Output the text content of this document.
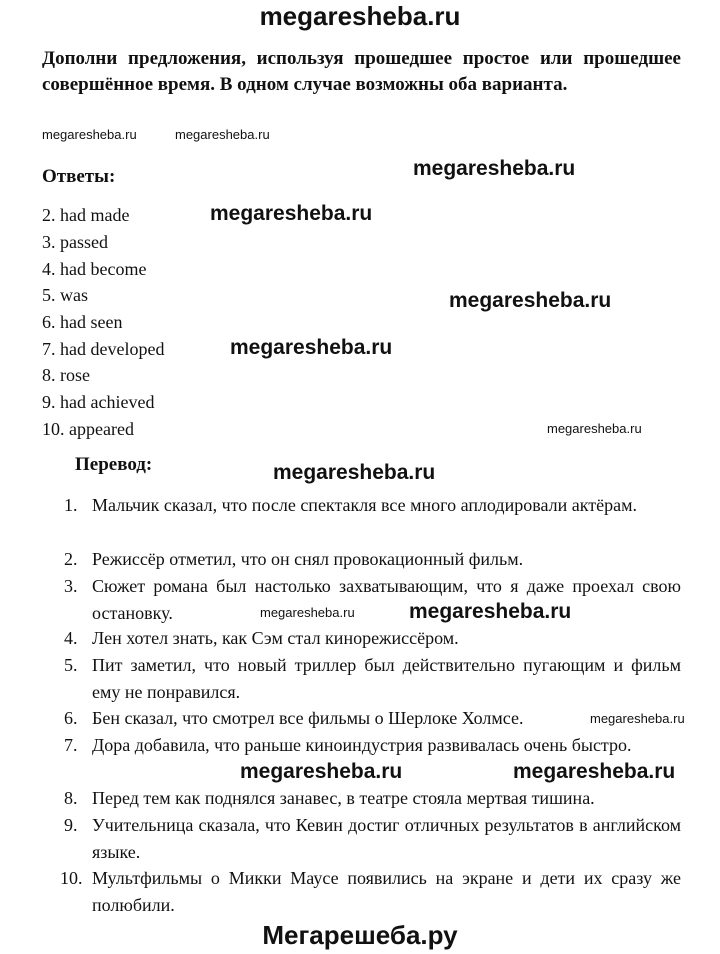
megaresheba.ru
Дополни предложения, используя прошедшее простое или прошедшее совершённое время. В одном случае возможны оба варианта.
Ответы:
2. had made
3. passed
4. had become
5. was
6. had seen
7. had developed
8. rose
9. had achieved
10. appeared
Перевод:
1. Мальчик сказал, что после спектакля все много аплодировали актёрам.
2. Режиссёр отметил, что он снял провокационный фильм.
3. Сюжет романа был настолько захватывающим, что я даже проехал свою остановку.
4. Лен хотел знать, как Сэм стал кинорежиссёром.
5. Пит заметил, что новый триллер был действительно пугающим и фильм ему не понравился.
6. Бен сказал, что смотрел все фильмы о Шерлоке Холмсе.
7. Дора добавила, что раньше киноиндустрия развивалась очень быстро.
8. Перед тем как поднялся занавес, в театре стояла мертвая тишина.
9. Учительница сказала, что Кевин достиг отличных результатов в английском языке.
10. Мультфильмы о Микки Маусе появились на экране и дети их сразу же полюбили.
megaresheba.ru	megaresheba.ru
megaresheba.ru
megaresheba.ru
megaresheba.ru
megaresheba.ru
megaresheba.ru
megaresheba.ru
megaresheba.ru	megaresheba.ru
megaresheba.ru
megaresheba.ru	megaresheba.ru
Мегарешеба.ру
